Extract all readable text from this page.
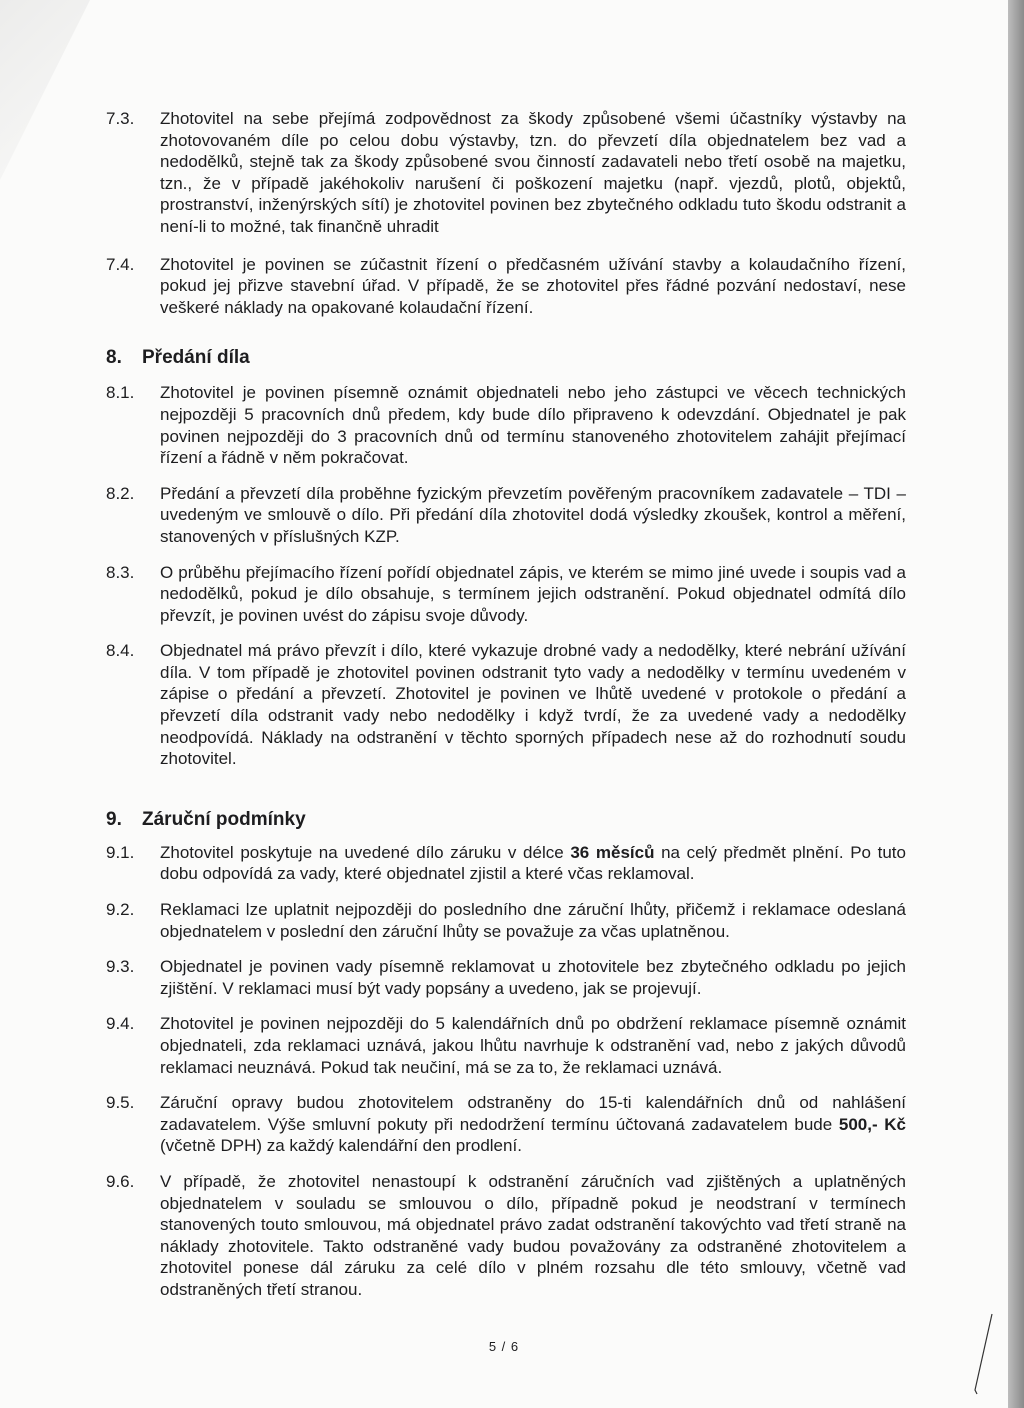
7.3.	Zhotovitel na sebe přejímá zodpovědnost za škody způsobené všemi účastníky výstavby na zhotovovaném díle po celou dobu výstavby, tzn. do převzetí díla objednatelem bez vad a nedodělků, stejně tak za škody způsobené svou činností zadavateli nebo třetí osobě na majetku, tzn., že v případě jakéhokoliv narušení či poškození majetku (např. vjezdů, plotů, objektů, prostranství, inženýrských sítí) je zhotovitel povinen bez zbytečného odkladu tuto škodu odstranit a není-li to možné, tak finančně uhradit

7.4.	Zhotovitel je povinen se zúčastnit řízení o předčasném užívání stavby a kolaudačního řízení, pokud jej přizve stavební úřad. V případě, že se zhotovitel přes řádné pozvání nedostaví, nese veškeré náklady na opakované kolaudační řízení.

8.	Předání díla
8.1.	Zhotovitel je povinen písemně oznámit objednateli nebo jeho zástupci ve věcech technických nejpozději 5 pracovních dnů předem, kdy bude dílo připraveno k odevzdání. Objednatel je pak povinen nejpozději do 3 pracovních dnů od termínu stanoveného zhotovitelem zahájit přejímací řízení a řádně v něm pokračovat.

8.2.	Předání a převzetí díla proběhne fyzickým převzetím pověřeným pracovníkem zadavatele – TDI – uvedeným ve smlouvě o dílo. Při předání díla zhotovitel dodá výsledky zkoušek, kontrol a měření, stanovených v příslušných KZP.

8.3.	O průběhu přejímacího řízení pořídí objednatel zápis, ve kterém se mimo jiné uvede i soupis vad a nedodělků, pokud je dílo obsahuje, s termínem jejich odstranění. Pokud objednatel odmítá dílo převzít, je povinen uvést do zápisu svoje důvody.

8.4.	Objednatel má právo převzít i dílo, které vykazuje drobné vady a nedodělky, které nebrání užívání díla. V tom případě je zhotovitel povinen odstranit tyto vady a nedodělky v termínu uvedeném v zápise o předání a převzetí. Zhotovitel je povinen ve lhůtě uvedené v protokole o předání a převzetí díla odstranit vady nebo nedodělky i když tvrdí, že za uvedené vady a nedodělky neodpovídá. Náklady na odstranění v těchto sporných případech nese až do rozhodnutí soudu zhotovitel.

9.	Záruční podmínky
9.1.	Zhotovitel poskytuje na uvedené dílo záruku v délce 36 měsíců na celý předmět plnění. Po tuto dobu odpovídá za vady, které objednatel zjistil a které včas reklamoval.

9.2.	Reklamaci lze uplatnit nejpozději do posledního dne záruční lhůty, přičemž i reklamace odeslaná objednatelem v poslední den záruční lhůty se považuje za včas uplatněnou.

9.3.	Objednatel je povinen vady písemně reklamovat u zhotovitele bez zbytečného odkladu po jejich zjištění. V reklamaci musí být vady popsány a uvedeno, jak se projevují.

9.4.	Zhotovitel je povinen nejpozději do 5 kalendářních dnů po obdržení reklamace písemně oznámit objednateli, zda reklamaci uznává, jakou lhůtu navrhuje k odstranění vad, nebo z jakých důvodů reklamaci neuznává. Pokud tak neučiní, má se za to, že reklamaci uznává.

9.5.	Záruční opravy budou zhotovitelem odstraněny do 15-ti kalendářních dnů od nahlášení zadavatelem. Výše smluvní pokuty při nedodržení termínu účtovaná zadavatelem bude 500,- Kč (včetně DPH) za každý kalendářní den prodlení.

9.6.	V případě, že zhotovitel nenastoupí k odstranění záručních vad zjištěných a uplatněných objednatelem v souladu se smlouvou o dílo, případně pokud je neodstraní v termínech stanovených touto smlouvou, má objednatel právo zadat odstranění takovýchto vad třetí straně na náklady zhotovitele. Takto odstraněné vady budou považovány za odstraněné zhotovitelem a zhotovitel ponese dál záruku za celé dílo v plném rozsahu dle této smlouvy, včetně vad odstraněných třetí stranou.

5 / 6
